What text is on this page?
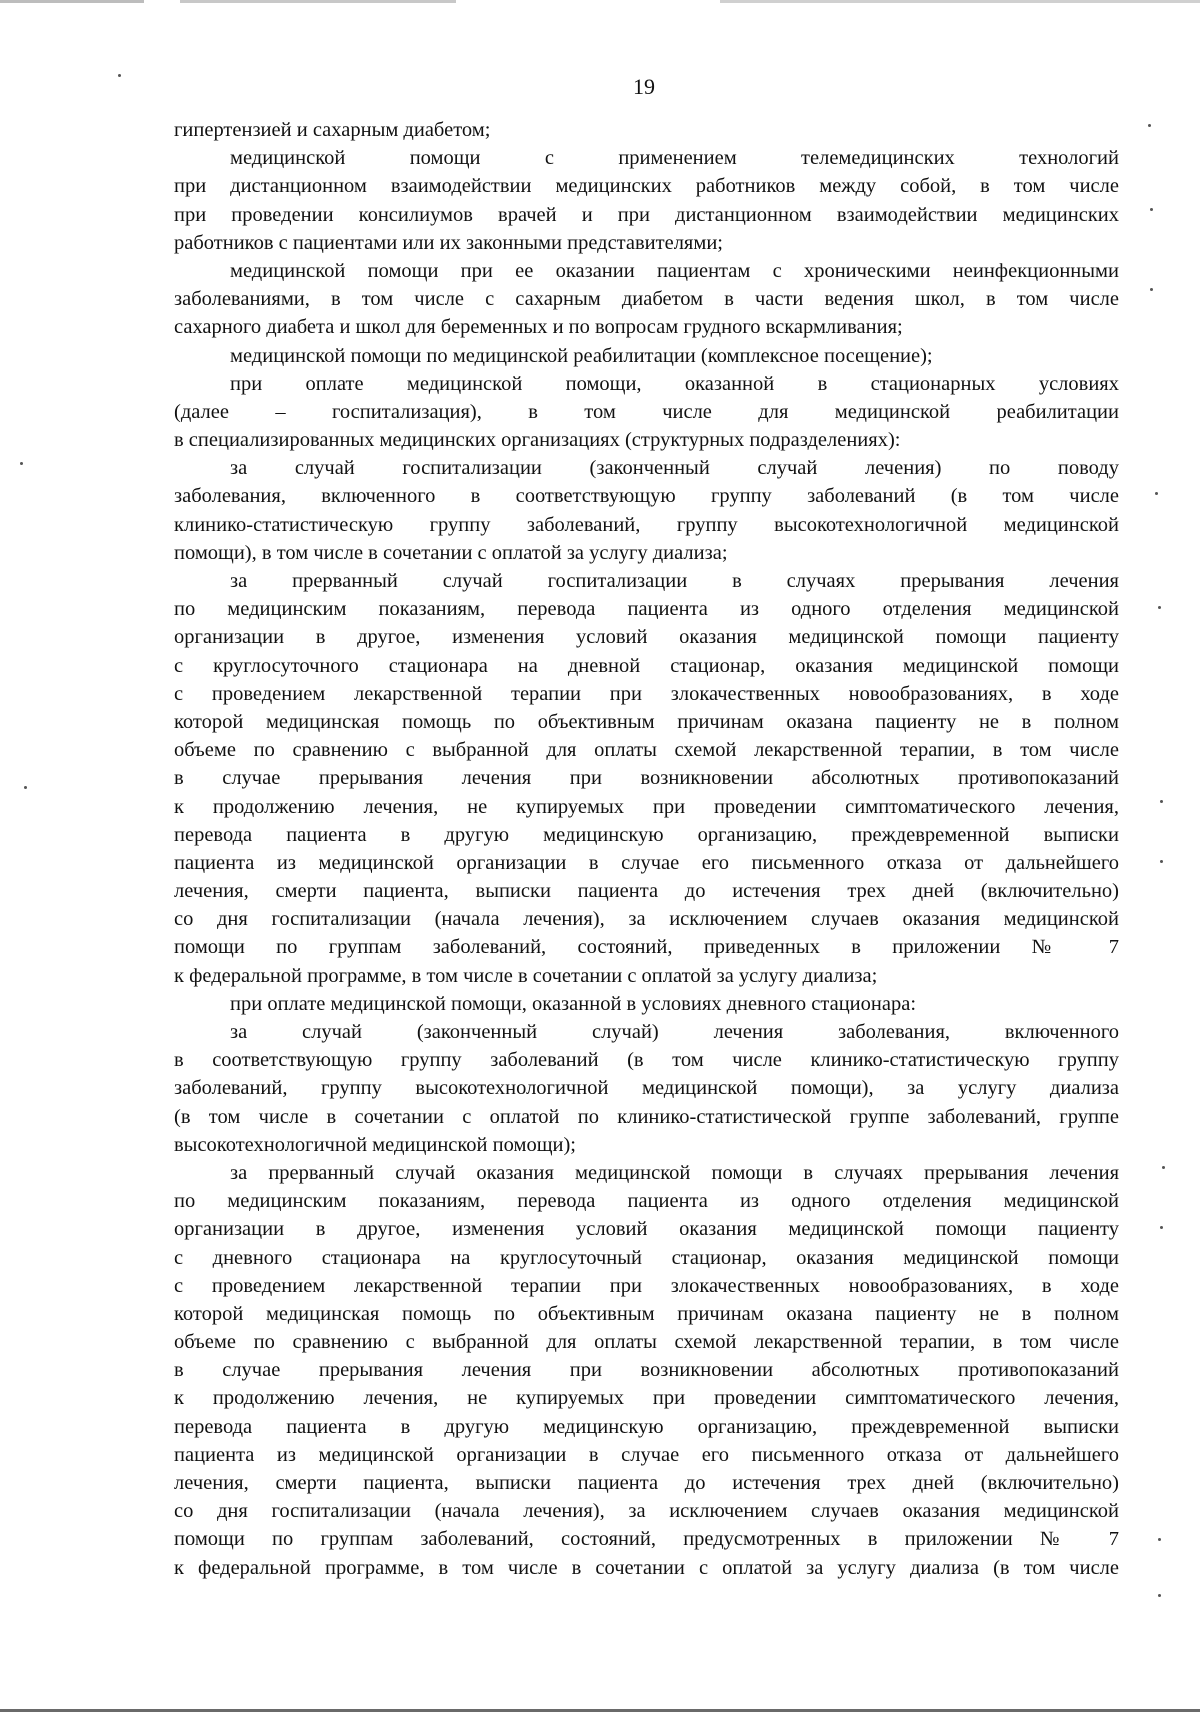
19
гипертензией и сахарным диабетом;
медицинской помощи с применением телемедицинских технологий
при дистанционном взаимодействии медицинских работников между собой, в том числе
при проведении консилиумов врачей и при дистанционном взаимодействии медицинских
работников с пациентами или их законными представителями;
медицинской помощи при ее оказании пациентам с хроническими неинфекционными
заболеваниями, в том числе с сахарным диабетом в части ведения школ, в том числе
сахарного диабета и школ для беременных и по вопросам грудного вскармливания;
медицинской помощи по медицинской реабилитации (комплексное посещение);
при оплате медицинской помощи, оказанной в стационарных условиях
(далее – госпитализация), в том числе для медицинской реабилитации
в специализированных медицинских организациях (структурных подразделениях):
за случай госпитализации (законченный случай лечения) по поводу
заболевания, включенного в соответствующую группу заболеваний (в том числе
клинико-статистическую группу заболеваний, группу высокотехнологичной медицинской
помощи), в том числе в сочетании с оплатой за услугу диализа;
за прерванный случай госпитализации в случаях прерывания лечения
по медицинским показаниям, перевода пациента из одного отделения медицинской
организации в другое, изменения условий оказания медицинской помощи пациенту
с круглосуточного стационара на дневной стационар, оказания медицинской помощи
с проведением лекарственной терапии при злокачественных новообразованиях, в ходе
которой медицинская помощь по объективным причинам оказана пациенту не в полном
объеме по сравнению с выбранной для оплаты схемой лекарственной терапии, в том числе
в случае прерывания лечения при возникновении абсолютных противопоказаний
к продолжению лечения, не купируемых при проведении симптоматического лечения,
перевода пациента в другую медицинскую организацию, преждевременной выписки
пациента из медицинской организации в случае его письменного отказа от дальнейшего
лечения, смерти пациента, выписки пациента до истечения трех дней (включительно)
со дня госпитализации (начала лечения), за исключением случаев оказания медицинской
помощи по группам заболеваний, состояний, приведенных в приложении № 7
к федеральной программе, в том числе в сочетании с оплатой за услугу диализа;
при оплате медицинской помощи, оказанной в условиях дневного стационара:
за случай (законченный случай) лечения заболевания, включенного
в соответствующую группу заболеваний (в том числе клинико-статистическую группу
заболеваний, группу высокотехнологичной медицинской помощи), за услугу диализа
(в том числе в сочетании с оплатой по клинико-статистической группе заболеваний, группе
высокотехнологичной медицинской помощи);
за прерванный случай оказания медицинской помощи в случаях прерывания лечения
по медицинским показаниям, перевода пациента из одного отделения медицинской
организации в другое, изменения условий оказания медицинской помощи пациенту
с дневного стационара на круглосуточный стационар, оказания медицинской помощи
с проведением лекарственной терапии при злокачественных новообразованиях, в ходе
которой медицинская помощь по объективным причинам оказана пациенту не в полном
объеме по сравнению с выбранной для оплаты схемой лекарственной терапии, в том числе
в случае прерывания лечения при возникновении абсолютных противопоказаний
к продолжению лечения, не купируемых при проведении симптоматического лечения,
перевода пациента в другую медицинскую организацию, преждевременной выписки
пациента из медицинской организации в случае его письменного отказа от дальнейшего
лечения, смерти пациента, выписки пациента до истечения трех дней (включительно)
со дня госпитализации (начала лечения), за исключением случаев оказания медицинской
помощи по группам заболеваний, состояний, предусмотренных в приложении № 7
к федеральной программе, в том числе в сочетании с оплатой за услугу диализа (в том числе
